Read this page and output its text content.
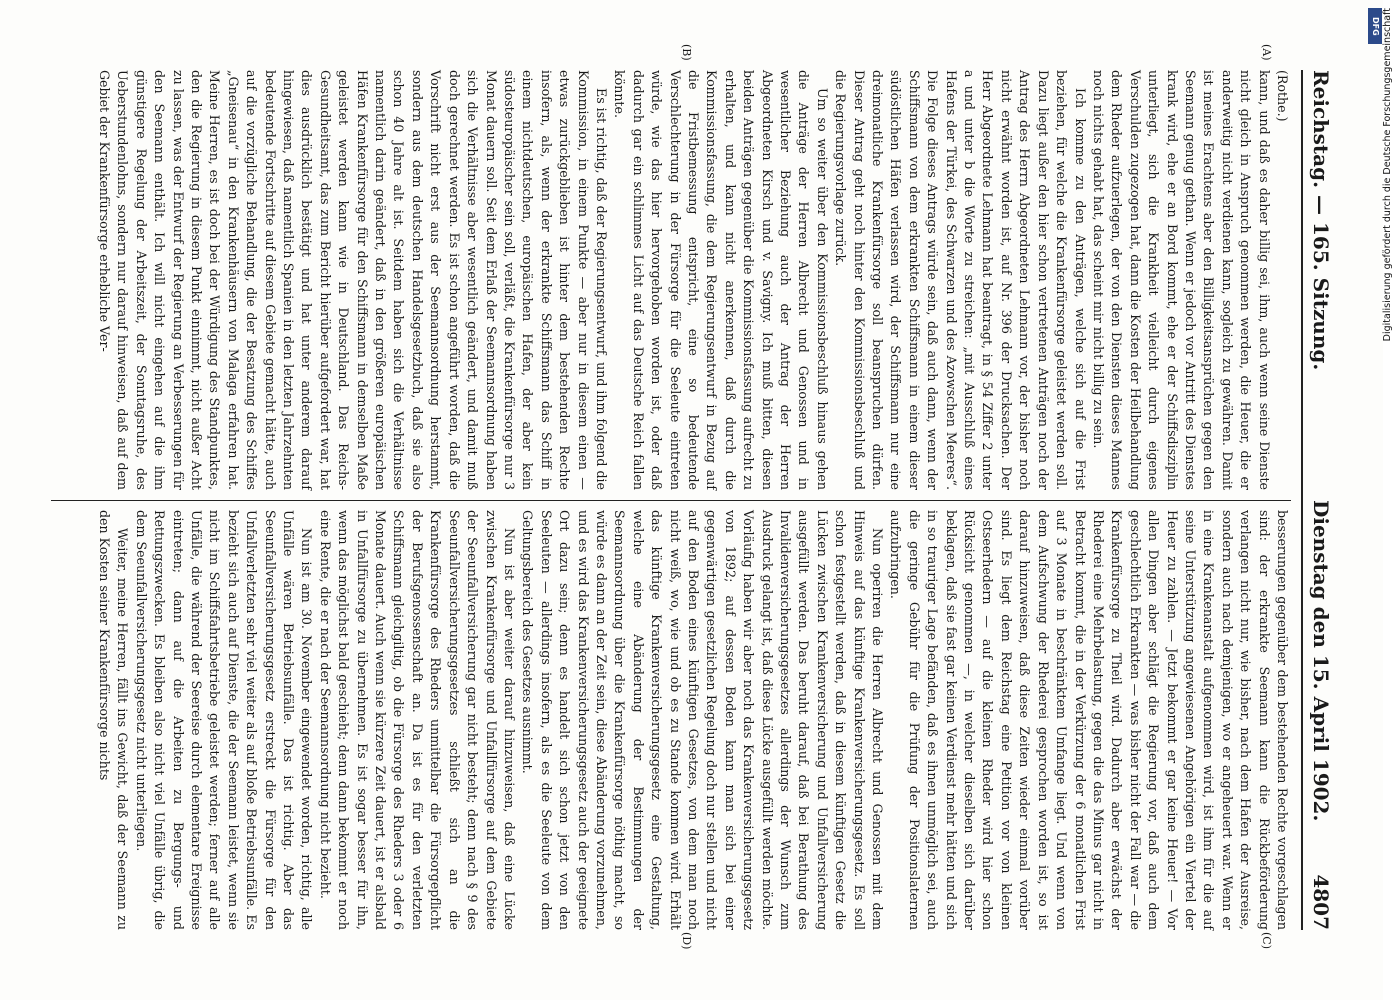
Reichstag. — 165. Sitzung.
Dienstag den 15. April 1902.
4807
(A)
(B)
(C)
(D)

(Rothe.)

kann, und daß es daher billig sei, ihm, auch wenn seine Dienste nicht gleich in Anspruch genommen werden, die Heuer, die er anderweitig nicht verdienen kann, sogleich zu gewähren. Damit ist meines Erachtens aber den Billigkeitsansprüchen gegen den Seemann genug gethan. Wenn er jedoch vor Antritt des Dienstes krank wird, ehe er an Bord kommt, ehe er der Schiffsdisziplin unterliegt, sich die Krankheit vielleicht durch eigenes Verschulden zugezogen hat, dann die Kosten der Heilbehandlung dem Rheder aufzuerlegen, der von den Diensten dieses Mannes noch nichts gehabt hat, das scheint mir nicht billig zu sein.

Ich komme zu den Anträgen, welche sich auf die Frist beziehen, für welche die Krankenfürsorge geleistet werden soll. Dazu liegt außer den hier schon vertretenen Anträgen noch der Antrag des Herrn Abgeordneten Lehmann vor, der bisher noch nicht erwähnt worden ist, auf Nr. 396 der Drucksachen. Der Herr Abgeordnete Lehmann hat beantragt, in § 54 Ziffer 2 unter a und unter b die Worte zu streichen: „mit Ausschluß eines Hafens der Türkei, des Schwarzen und des Azowschen Meeres“. Die Folge dieses Antrags würde sein, daß auch dann, wenn der Schiffsmann von dem erkrankten Schiffsmann in einem dieser südöstlichen Häfen verlassen wird, der Schiffsmann nur eine dreimonatliche Krankenfürsorge soll beanspruchen dürfen. Dieser Antrag geht noch hinter den Kommissionsbeschluß und die Regierungsvorlage zurück.

Um so weiter über den Kommissionsbeschluß hinaus gehen die Anträge der Herren Albrecht und Genossen und in wesentlicher Beziehung auch der Antrag der Herren Abgeordneten Kirsch und v. Savigny. Ich muß bitten, diesen beiden Anträgen gegenüber die Kommissionsfassung aufrecht zu erhalten, und kann nicht anerkennen, daß durch die Kommissionsfassung, die dem Regierungsentwurf in Bezug auf die Fristbemessung entspricht, eine so bedeutende Verschlechterung in der Fürsorge für die Seeleute eintreten würde, wie das hier hervorgehoben worden ist, oder daß dadurch gar ein schlimmes Licht auf das Deutsche Reich fallen könnte.

Es ist richtig, daß der Regierungsentwurf, und ihm folgend die Kommission, in einem Punkte — aber nur in diesem einen — etwas zurückgeblieben ist hinter dem bestehenden Rechte insofern, als, wenn der erkrankte Schiffsmann das Schiff in einem nichtdeutschen, europäischen Hafen, der aber kein südosteuropäischer sein soll, verläßt, die Krankenfürsorge nur 3 Monat dauern soll. Seit dem Erlaß der Seemannsordnung haben sich die Verhältnisse aber wesentlich geändert, und damit muß doch gerechnet werden. Es ist schon angeführt worden, daß die Vorschrift nicht erst aus der Seemannsordnung herstammt, sondern aus dem deutschen Handelsgesetzbuch, daß sie also schon 40 Jahre alt ist. Seitdem haben sich die Verhältnisse namentlich darin geändert, daß in den größeren europäischen Häfen Krankenfürsorge für den Schiffsmann in demselben Maße geleistet werden kann wie in Deutschland. Das Reichs-Gesundheitsamt, das zum Bericht hierüber aufgefordert war, hat dies ausdrücklich bestätigt und hat unter anderem darauf hingewiesen, daß namentlich Spanien in den letzten Jahrzehnten bedeutende Fortschritte auf diesem Gebiete gemacht hätte, auch auf die vorzügliche Behandlung, die der Besatzung des Schiffes „Gneisenau“ in den Krankenhäusern von Malaga erfahren hat. Meine Herren, es ist doch bei der Würdigung des Standpunktes, den die Regierung in diesem Punkt einnimmt, nicht außer Acht zu lassen, was der Entwurf der Regierung an Verbesserungen für den Seemann enthält. Ich will nicht eingehen auf die ihm günstigere Regelung der Arbeitszeit, der Sonntagsruhe, des Ueberstundenlohns, sondern nur darauf hinweisen, daß auf dem Gebiet der Krankenfürsorge erhebliche Ver-

besserungen gegenüber dem bestehenden Rechte vorgeschlagen sind: der erkrankte Seemann kann die Rückbeförderung verlangen nicht nur, wie bisher, nach dem Hafen der Ausreise, sondern auch nach demjenigen, wo er angeheuert war. Wenn er in eine Krankenanstalt aufgenommen wird, ist ihm für die auf seine Unterstützung angewiesenen Angehörigen ein Viertel der Heuer zu zahlen. — Jetzt bekommt er gar keine Heuer! — Vor allen Dingen aber schlägt die Regierung vor, daß auch dem geschlechtlich Erkrankten — was bisher nicht der Fall war — die Krankenfürsorge zu Theil wird. Dadurch aber erwächst der Rhederei eine Mehrbelastung, gegen die das Minus gar nicht in Betracht kommt, die in der Verkürzung der 6 monatlichen Frist auf 3 Monate in beschränktem Umfange liegt. Und wenn von dem Aufschwung der Rhederei gesprochen worden ist, so ist darauf hinzuweisen, daß diese Zeiten wieder einmal vorüber sind. Es liegt dem Reichstag eine Petition vor von kleinen Ostseerhedern — auf die kleinen Rheder wird hier schon Rücksicht genommen —, in welcher dieselben sich darüber beklagen, daß sie fast gar keinen Verdienst mehr hätten und sich in so trauriger Lage befänden, daß es ihnen unmöglich sei, auch die geringe Gebühr für die Prüfung der Positionslaternen aufzubringen.

Nun operiren die Herren Albrecht und Genossen mit dem Hinweis auf das künftige Krankenversicherungsgesetz. Es soll schon festgestellt werden, daß in diesem künftigen Gesetz die Lücken zwischen Krankenversicherung und Unfallversicherung ausgefüllt werden. Das beruht darauf, daß bei Berathung des Invalidenversicherungsgesetzes allerdings der Wunsch zum Ausdruck gelangt ist, daß diese Lücke ausgefüllt werden möchte. Vorläufig haben wir aber noch das Krankenversicherungsgesetz von 1892; auf dessen Boden kann man sich bei einer gegenwärtigen gesetzlichen Regelung doch nur stellen und nicht auf den Boden eines künftigen Gesetzes, von dem man noch nicht weiß, wo, wie und ob es zu Stande kommen wird. Erhält das künftige Krankenversicherungsgesetz eine Gestaltung, welche eine Abänderung der Bestimmungen der Seemannsordnung über die Krankenfürsorge nöthig macht, so würde es dann an der Zeit sein, diese Abänderung vorzunehmen, und es wird das Krankenversicherungsgesetz auch der geeignete Ort dazu sein; denn es handelt sich schon jetzt von den Seeleuten — allerdings insofern, als es die Seeleute von dem Geltungsbereich des Gesetzes ausnimmt.

Nun ist aber weiter darauf hinzuweisen, daß eine Lücke zwischen Krankenfürsorge und Unfallfürsorge auf dem Gebiete der Seeunfallversicherung gar nicht besteht; denn nach § 9 des Seeunfallversicherungsgesetzes schließt sich an die Krankenfürsorge des Rheders unmittelbar die Fürsorgepflicht der Berufsgenossenschaft an. Da ist es für den verletzten Schiffsmann gleichgiltig, ob die Fürsorge des Rheders 3 oder 6 Monate dauert. Auch wenn sie kürzere Zeit dauert, ist er alsbald in Unfallfürsorge zu übernehmen. Es ist sogar besser für ihn, wenn das möglichst bald geschieht; denn dann bekommt er noch eine Rente, die er nach der Seemannsordnung nicht bezieht.

Nun ist am 30. November eingewendet worden, richtig, alle Unfälle wären Betriebsunfälle. Das ist richtig. Aber das Seeunfallversicherungsgesetz erstreckt die Fürsorge für den Unfallverletzten sehr viel weiter als auf bloße Betriebsunfälle. Es bezieht sich auch auf Dienste, die der Seemann leistet, wenn sie nicht im Schiffsfahrtsbetriebe geleistet werden; ferner auf alle Unfälle, die während der Seereise durch elementare Ereignisse eintreten; dann auf die Arbeiten zu Bergungs- und Rettungszwecken. Es bleiben also nicht viel Unfälle übrig, die dem Seeunfallversicherungsgesetz nicht unterliegen.

Weiter, meine Herren, fällt ins Gewicht, daß der Seemann zu den Kosten seiner Krankenfürsorge nichts

DFG Digitalisierung gefördert durch die Deutsche Forschungsgemeinschaft
